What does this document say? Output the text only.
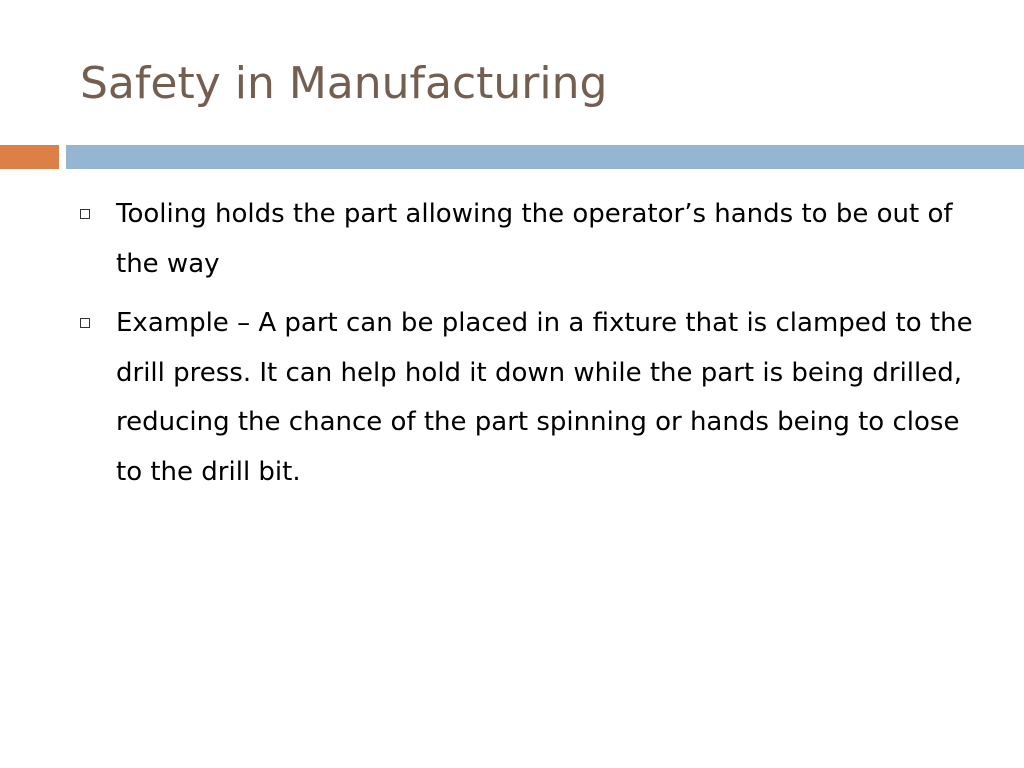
Safety in Manufacturing
Tooling holds the part allowing the operator’s hands to be out of the way
Example – A part can be placed in a fixture that is clamped to the drill press. It can help hold it down while the part is being drilled, reducing the chance of the part spinning or hands being to close to the drill bit.
